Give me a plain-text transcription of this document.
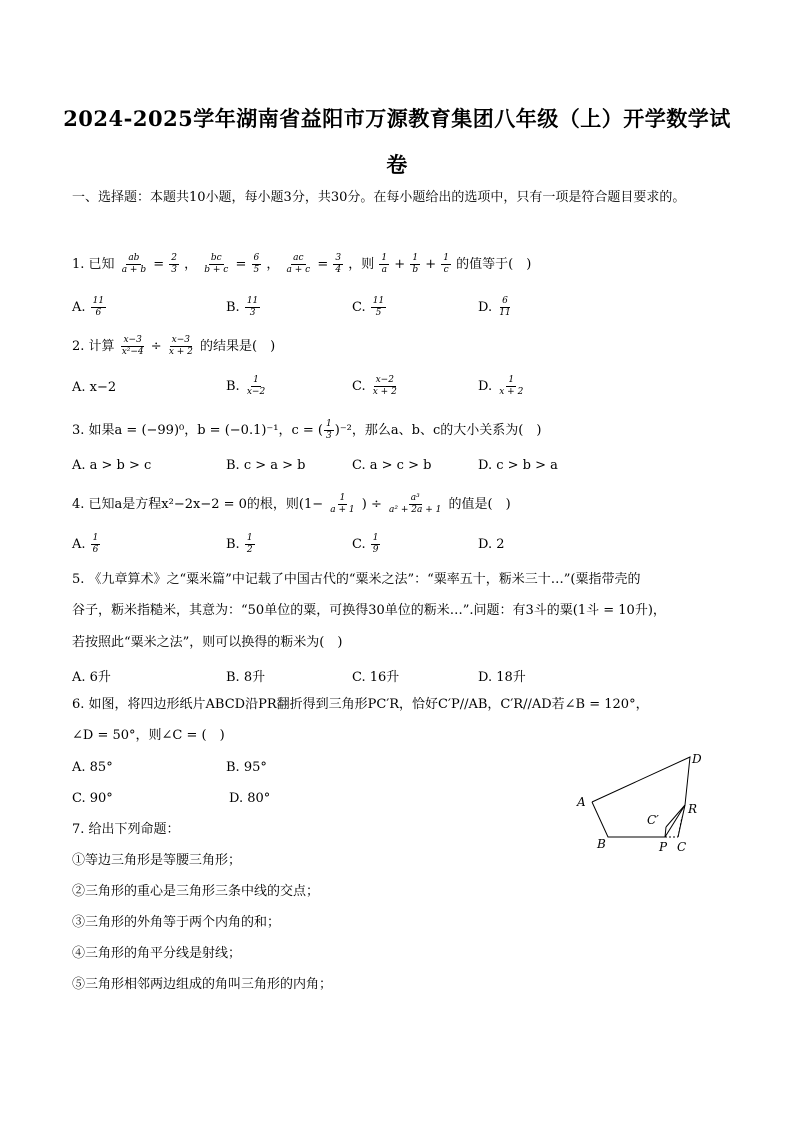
2024-2025学年湖南省益阳市万源教育集团八年级（上）开学数学试卷
一、选择题：本题共10小题，每小题3分，共30分。在每小题给出的选项中，只有一项是符合题目要求的。
1. 已知 $\frac{ab}{a + b} = \frac{2}{3}$ ， $\frac{bc}{b + c} = \frac{6}{5}$ ， $\frac{ac}{a + c} = \frac{3}{4}$ ，则 $\frac{1}{a} + \frac{1}{b} + \frac{1}{c}$ 的值等于(　)
A. $\frac{11}{6}$	B. $\frac{11}{3}$	C. $\frac{11}{5}$	D. $\frac{6}{11}$
2. 计算 $\frac{x-3}{\text{x²−4}} \div \frac{x-3}{x + 2}$ 的结果是(　)
A. x−2	B. $\frac{1}{x-2}$	C. $\frac{x-2}{x + 2}$	D. $\frac{1}{x + 2}$
3. 如果a = (−99)⁰，b = (−0.1)⁻¹，c = ( $\frac{1}{3} )^{-2}$，那么a、b、c的大小关系为(　)
A. a > b > c	B. c > a > b	C. a > c > b	D. c > b > a
4. 已知a是方程x²−2x−2 = 0的根，则($1- \frac{1}{a + 1}$ ) ÷ $\frac{\text{a³}}{\text{a² + 2a + 1}}$ 的值是(　)
A. $\frac{1}{6}$	B. $\frac{1}{2}$	C. $\frac{1}{9}$	D. 2
5. 《九章算术》之“粟米篇”中记载了中国古代的“粟米之法”：“粟率五十，粝米三十…”(粟指带壳的
谷子，粝米指糙米，其意为：“50单位的粟，可换得30单位的粝米…”.问题：有3斗的粟(1斗 = 10升)，
若按照此“粟米之法”，则可以换得的粝米为(　)
A. 6升	B. 8升	C. 16升	D. 18升
6. 如图，将四边形纸片ABCD沿PR翻折得到三角形PC′R，恰好C′P//AB，C′R//AD若∠B = 120°，
∠D = 50°，则∠C = (　)
A. 85°	B. 95°
C. 90°	D. 80°	A
B
D
R
C′
P C
7. 给出下列命题：
①等边三角形是等腰三角形；
②三角形的重心是三角形三条中线的交点；
③三角形的外角等于两个内角的和；
④三角形的角平分线是射线；
⑤三角形相邻两边组成的角叫三角形的内角；
